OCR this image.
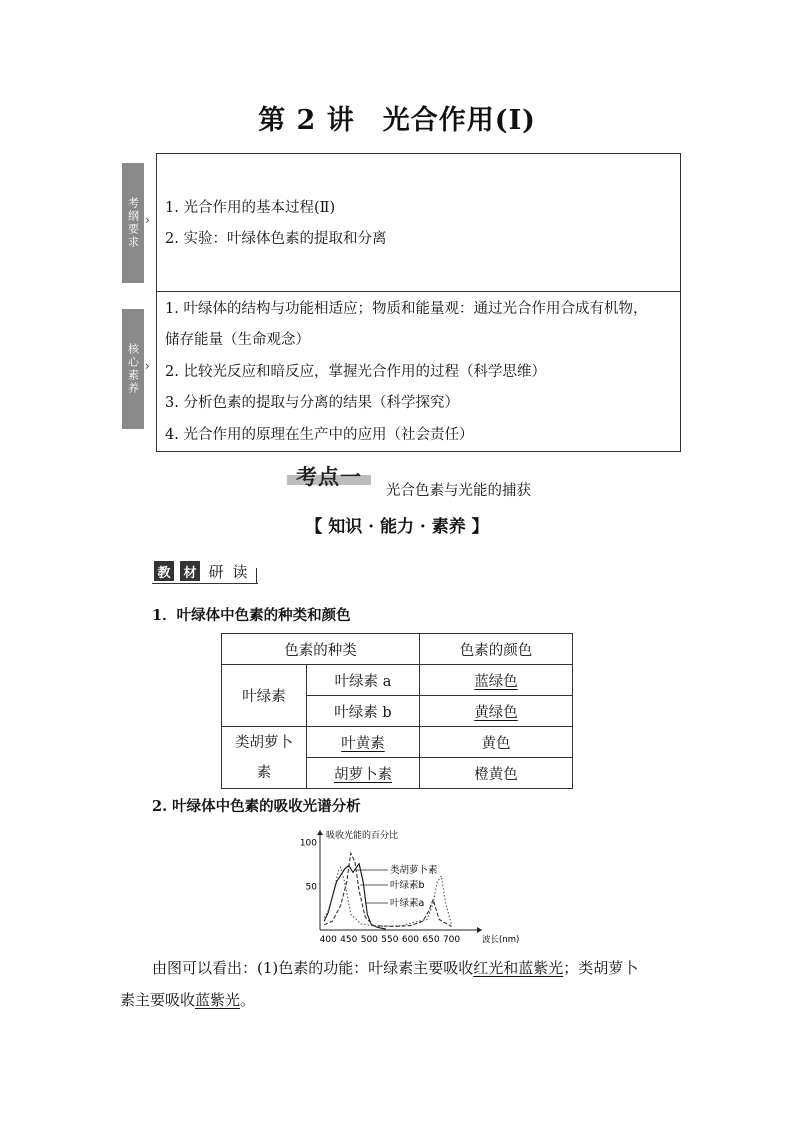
第 2 讲　光合作用(Ⅰ)
考纲要求 ›
核心素养 ›
1. 光合作用的基本过程(Ⅱ)
2. 实验：叶绿体色素的提取和分离
1. 叶绿体的结构与功能相适应；物质和能量观：通过光合作用合成有机物，
储存能量（生命观念）
2. 比较光反应和暗反应，掌握光合作用的过程（科学思维）
3. 分析色素的提取与分离的结果（科学探究）
4. 光合作用的原理在生产中的应用（社会责任）
考点一
光合色素与光能的捕获
【 知识 · 能力 · 素养 】
教 材 研 读
1．叶绿体中色素的种类和颜色
色素的种类		色素的颜色
叶绿素	叶绿素 a	蓝绿色
	叶绿素 b	黄绿色

类胡萝卜
素	叶黄素	黄色
	胡萝卜素	橙黄色
2. 叶绿体中色素的吸收光谱分析
吸收光能的百分比
波长(nm)
400 450 500 550 600 650 700
100
50
类胡萝卜素
叶绿素b
叶绿素a
由图可以看出：(1)色素的功能：叶绿素主要吸收红光和蓝紫光；类胡萝卜
素主要吸收蓝紫光。
